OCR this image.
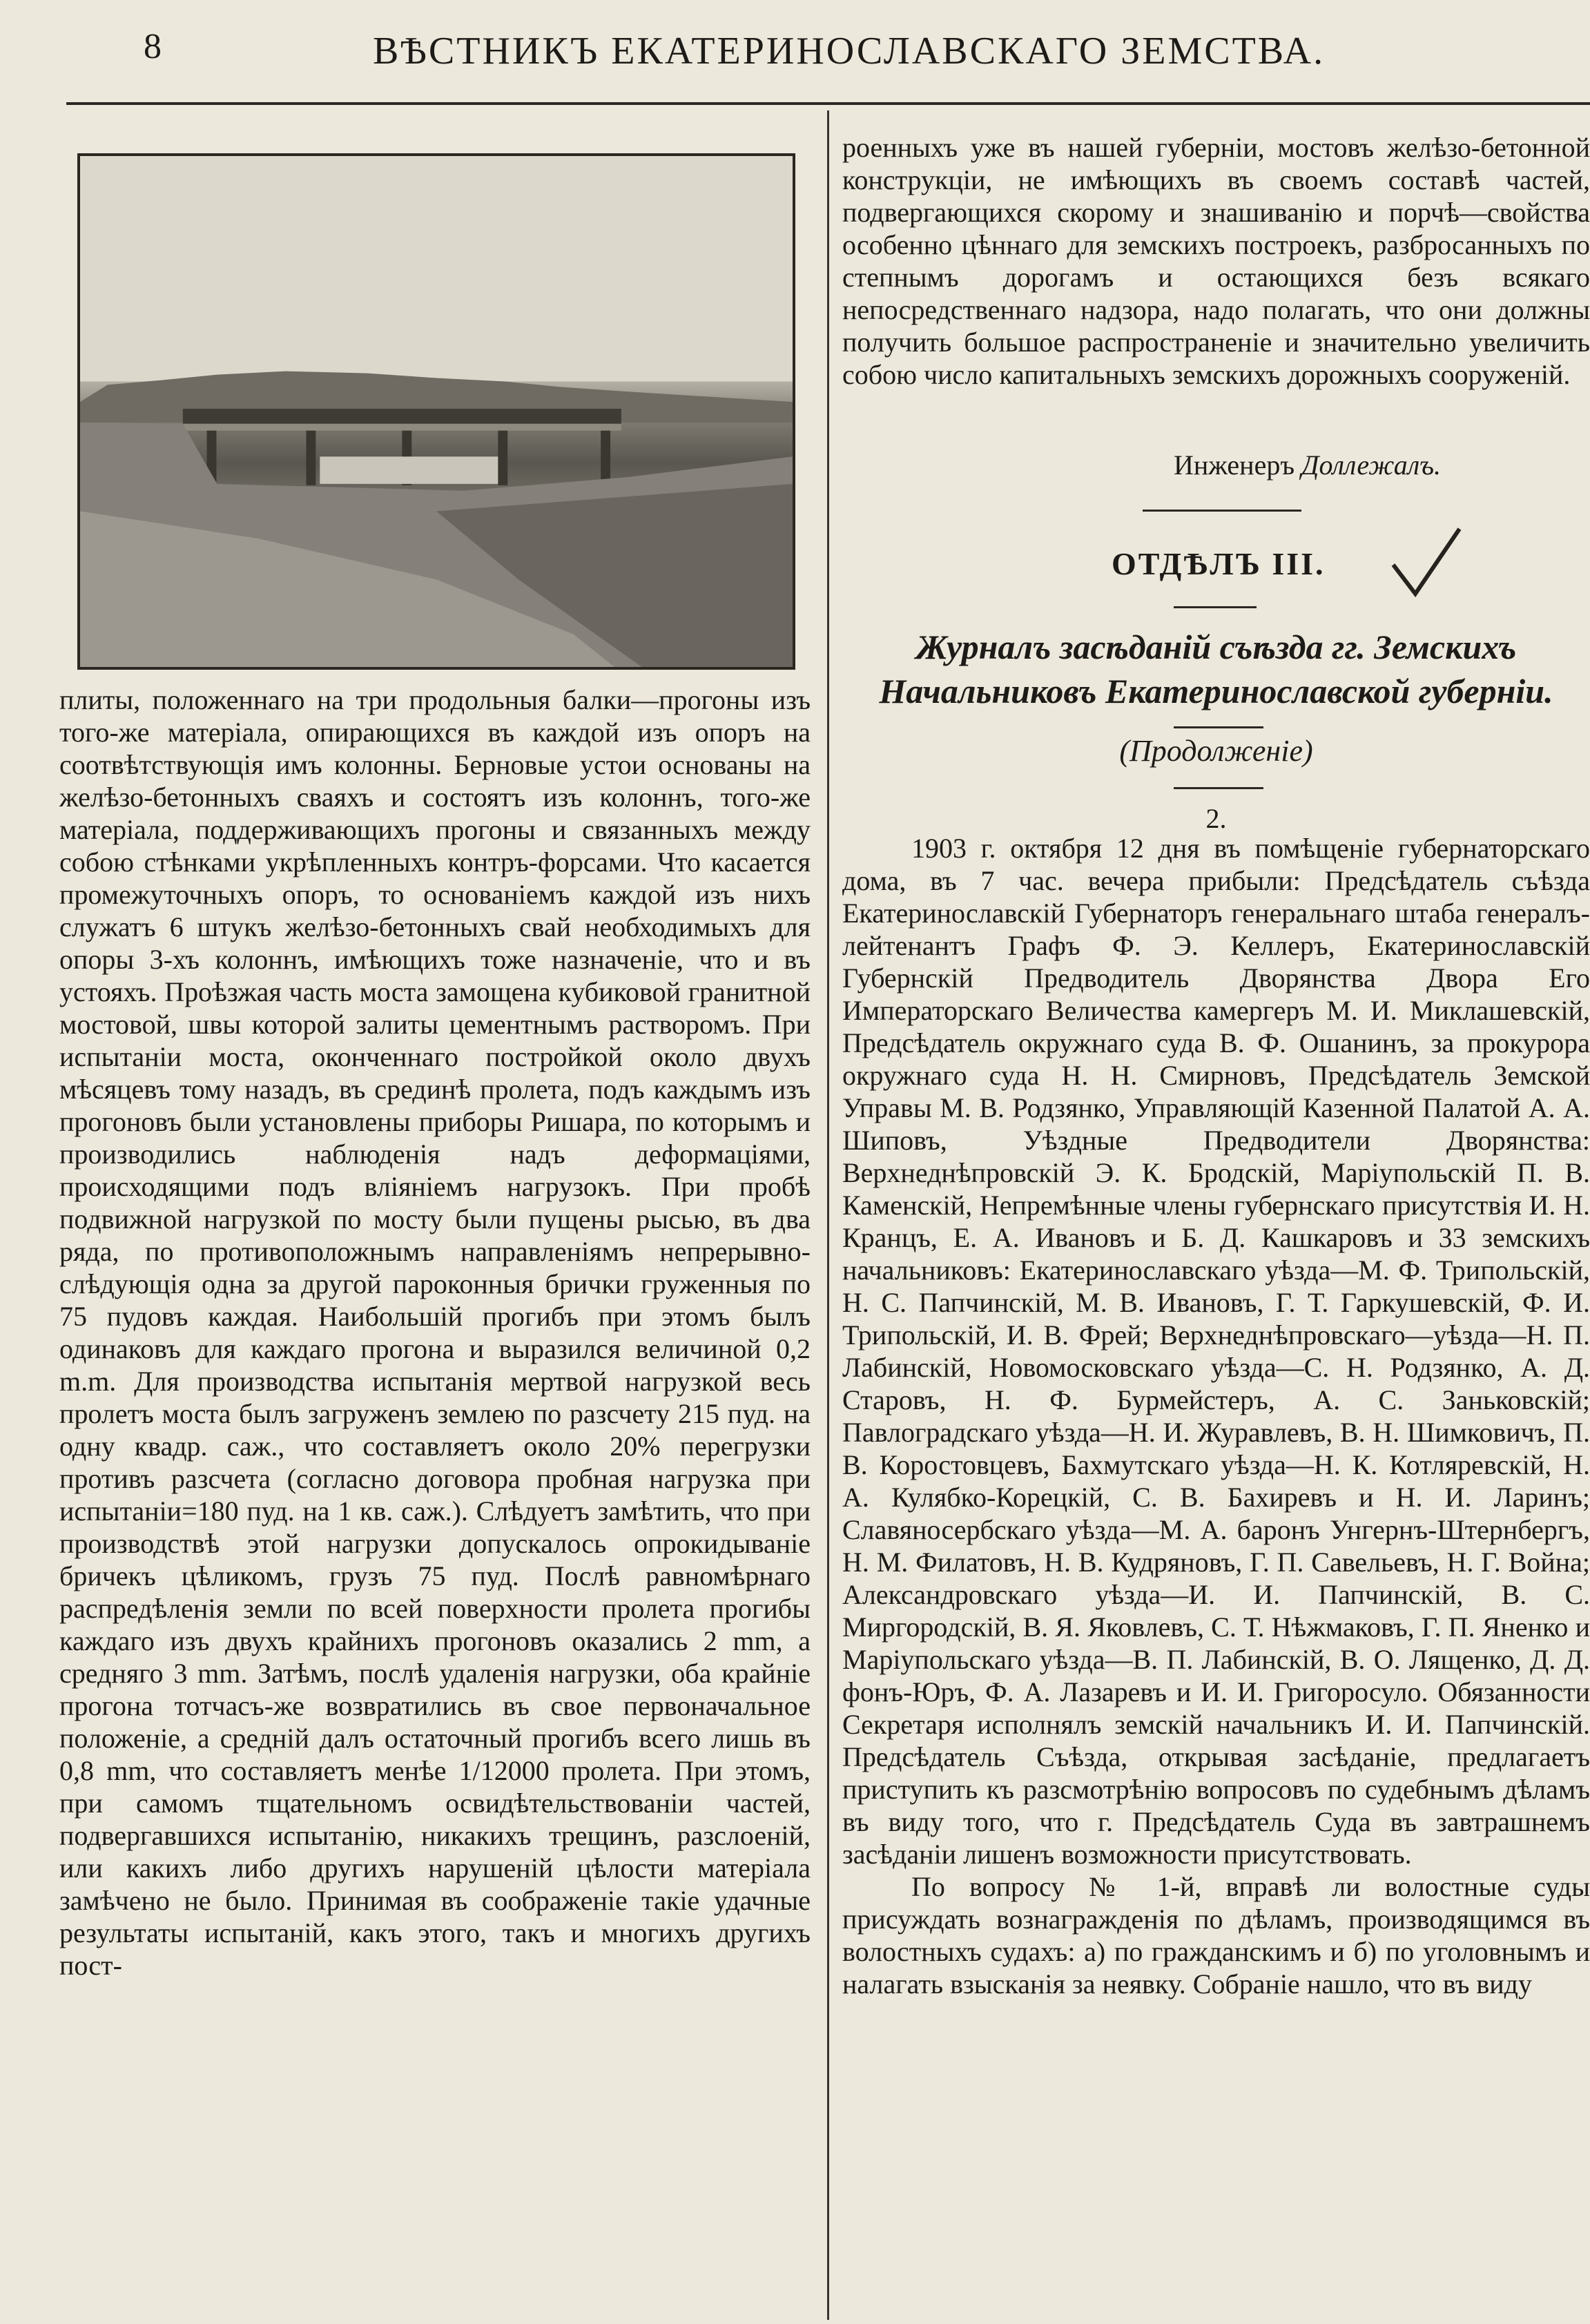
8	ВѢСТНИКЪ ЕКАТЕРИНОСЛАВСКАГО ЗЕМСТВА.

плиты, положеннаго на три продольныя балки—прогоны изъ того-же матеріала, опирающихся въ каждой изъ опоръ на соотвѣтствующія имъ колонны. Берновые устои основаны на желѣзо-бетонныхъ сваяхъ и состоятъ изъ колоннъ, того-же матеріала, поддерживающихъ прогоны и связанныхъ между собою стѣнками укрѣпленныхъ контръ-форсами. Что касается промежуточныхъ опоръ, то основаніемъ каждой изъ нихъ служатъ 6 штукъ желѣзо-бетонныхъ свай необходимыхъ для опоры 3-хъ колоннъ, имѣющихъ тоже назначеніе, что и въ устояхъ. Проѣзжая часть моста замощена кубиковой гранитной мостовой, швы которой залиты цементнымъ растворомъ. При испытаніи моста, оконченнаго постройкой около двухъ мѣсяцевъ тому назадъ, въ срединѣ пролета, подъ каждымъ изъ прогоновъ были установлены приборы Ришара, по которымъ и производились наблюденія надъ деформаціями, происходящими подъ вліяніемъ нагрузокъ. При пробѣ подвижной нагрузкой по мосту были пущены рысью, въ два ряда, по противоположнымъ направленіямъ непрерывно-слѣдующія одна за другой пароконныя брички груженныя по 75 пудовъ каждая. Наибольшій прогибъ при этомъ былъ одинаковъ для каждаго прогона и выразился величиной 0,2 m.m. Для производства испытанія мертвой нагрузкой весь пролетъ моста былъ загруженъ землею по разсчету 215 пуд. на одну квадр. саж., что составляетъ около 20% перегрузки противъ разсчета (согласно договора пробная нагрузка при испытаніи=180 пуд. на 1 кв. саж.). Слѣдуетъ замѣтить, что при производствѣ этой нагрузки допускалось опрокидываніе бричекъ цѣликомъ, грузъ 75 пуд. Послѣ равномѣрнаго распредѣленія земли по всей поверхности пролета прогибы каждаго изъ двухъ крайнихъ прогоновъ оказались 2 mm, а средняго 3 mm. Затѣмъ, послѣ удаленія нагрузки, оба крайніе прогона тотчасъ-же возвратились въ свое первоначальное положеніе, а средній далъ остаточный прогибъ всего лишь въ 0,8 mm, что составляетъ менѣе 1/12000 пролета. При этомъ, при самомъ тщательномъ освидѣтельствованіи частей, подвергавшихся испытанію, никакихъ трещинъ, разслоеній, или какихъ либо другихъ нарушеній цѣлости матеріала замѣчено не было. Принимая въ соображеніе такіе удачные результаты испытаній, какъ этого, такъ и многихъ другихъ пост-

роенныхъ уже въ нашей губерніи, мостовъ желѣзо-бетонной конструкціи, не имѣющихъ въ своемъ составѣ частей, подвергающихся скорому и знашиванію и порчѣ—свойства особенно цѣннаго для земскихъ построекъ, разбросанныхъ по степнымъ дорогамъ и остающихся безъ всякаго непосредственнаго надзора, надо полагать, что они должны получить большое распространеніе и значительно увеличить собою число капитальныхъ земскихъ дорожныхъ сооруженій.

Инженеръ Доллежалъ.
ОТДѢЛЪ III.
Журналъ засѣданій съѣзда гг. Земскихъ Начальниковъ Екатеринославской губерніи.
(Продолженіе)
2.

1903 г. октября 12 дня въ помѣщеніе губернаторскаго дома, въ 7 час. вечера прибыли: Предсѣдатель съѣзда Екатеринославскій Губернаторъ генеральнаго штаба генералъ-лейтенантъ Графъ Ф. Э. Келлеръ, Екатеринославскій Губернскій Предводитель Дворянства Двора Его Императорскаго Величества камергеръ М. И. Миклашевскій, Предсѣдатель окружнаго суда В. Ф. Ошанинъ, за прокурора окружнаго суда Н. Н. Смирновъ, Предсѣдатель Земской Управы М. В. Родзянко, Управляющій Казенной Палатой А. А. Шиповъ, Уѣздные Предводители Дворянства: Верхнеднѣпровскій Э. К. Бродскій, Маріупольскій П. В. Каменскій, Непремѣнные члены губернскаго присутствія И. Н. Кранцъ, Е. А. Ивановъ и Б. Д. Кашкаровъ и 33 земскихъ начальниковъ: Екатеринославскаго уѣзда—М. Ф. Трипольскій, Н. С. Папчинскій, М. В. Ивановъ, Г. Т. Гаркушевскій, Ф. И. Трипольскій, И. В. Фрей; Верхнеднѣпровскаго—уѣзда—Н. П. Лабинскій, Новомосковскаго уѣзда—С. Н. Родзянко, А. Д. Старовъ, Н. Ф. Бурмейстеръ, А. С. Заньковскій; Павлоградскаго уѣзда—Н. И. Журавлевъ, В. Н. Шимковичъ, П. В. Коростовцевъ, Бахмутскаго уѣзда—Н. К. Котляревскій, Н. А. Кулябко-Корецкій, С. В. Бахиревъ и Н. И. Ларинъ; Славяносербскаго уѣзда—М. А. баронъ Унгернъ-Штернбергъ, Н. М. Филатовъ, Н. В. Кудряновъ, Г. П. Савельевъ, Н. Г. Война; Александровскаго уѣзда—И. И. Папчинскій, В. С. Миргородскій, В. Я. Яковлевъ, С. Т. Нѣжмаковъ, Г. П. Яненко и Маріупольскаго уѣзда—В. П. Лабинскій, В. О. Лященко, Д. Д. фонъ-Юръ, Ф. А. Лазаревъ и И. И. Григоросуло. Обязанности Секретаря исполнялъ земскій начальникъ И. И. Папчинскій. Предсѣдатель Съѣзда, открывая засѣданіе, предлагаетъ приступить къ разсмотрѣнію вопросовъ по судебнымъ дѣламъ въ виду того, что г. Предсѣдатель Суда въ завтрашнемъ засѣданіи лишенъ возможности присутствовать.

По вопросу № 1-й, вправѣ ли волостные суды присуждать вознагражденія по дѣламъ, производящимся въ волостныхъ судахъ: а) по гражданскимъ и б) по уголовнымъ и налагать взысканія за неявку. Собраніе нашло, что въ виду
